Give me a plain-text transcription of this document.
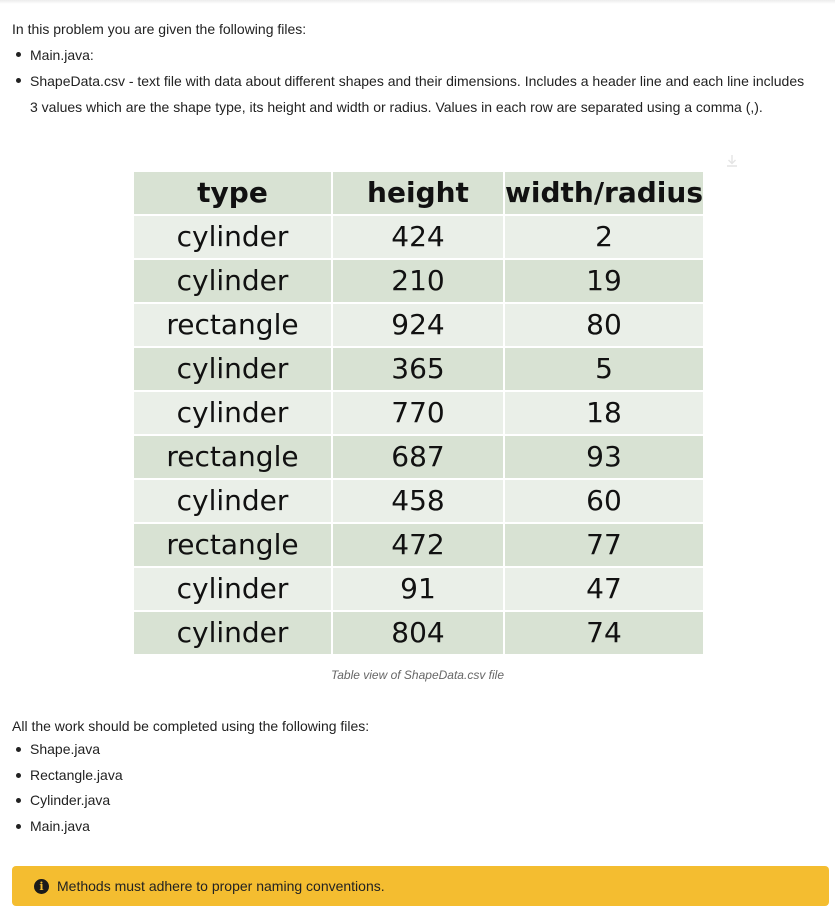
In this problem you are given the following files:
Main.java:
ShapeData.csv - text file with data about different shapes and their dimensions. Includes a header line and each line includes 3 values which are the shape type, its height and width or radius. Values in each row are separated using a comma (,).
type	height	width/radius
cylinder	424	2
cylinder	210	19
rectangle	924	80
cylinder	365	5
cylinder	770	18
rectangle	687	93
cylinder	458	60
rectangle	472	77
cylinder	91	47
cylinder	804	74
Table view of ShapeData.csv file
All the work should be completed using the following files:
Shape.java
Rectangle.java
Cylinder.java
Main.java
i Methods must adhere to proper naming conventions.
